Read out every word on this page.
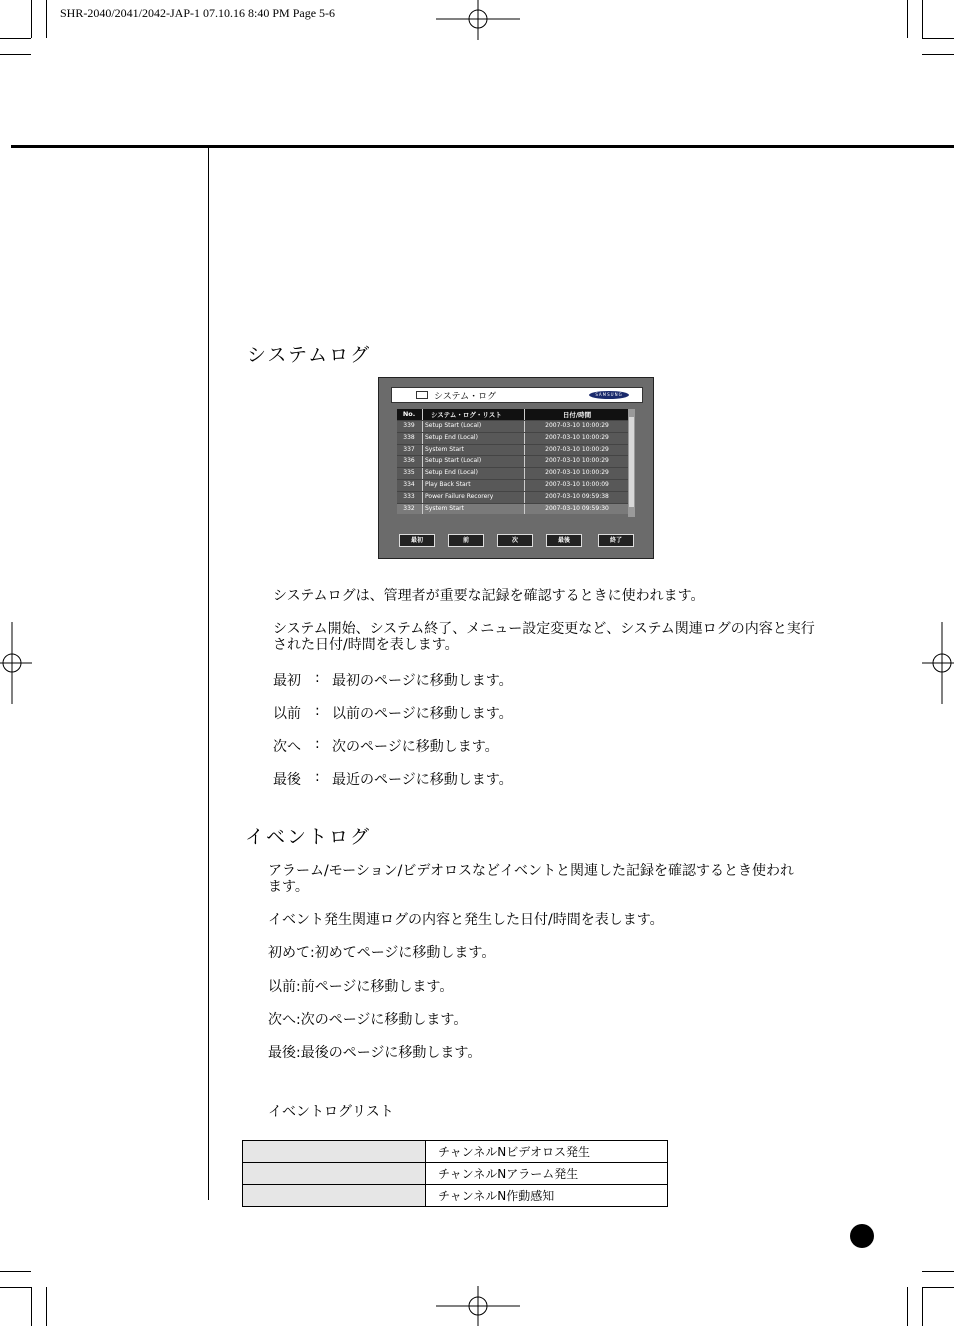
SHR-2040/2041/2042-JAP-1 07.10.16 8:40 PM Page 5-6
システムログ
システム・ログ	SAMSUNG
No.	システム・ログ・リスト	日付/時間
339	Setup Start (Local)	2007-03-10 10:00:29
338	Setup End (Local)	2007-03-10 10:00:29
337	System Start	2007-03-10 10:00:29
336	Setup Start (Local)	2007-03-10 10:00:29
335	Setup End (Local)	2007-03-10 10:00:29
334	Play Back Start	2007-03-10 10:00:09
333	Power Failure Recorery	2007-03-10 09:59:38
332	System Start	2007-03-10 09:59:30
最初	前	次	最後	終了
システムログは、管理者が重要な記録を確認するときに使われます。
システム開始、システム終了、メニュー設定変更など、システム関連ログの内容と実行
された日付/時間を表します。
最初 : 最初のページに移動します。
以前 : 以前のページに移動します。
次へ : 次のページに移動します。
最後 : 最近のページに移動します。
イベントログ
アラーム/モーション/ビデオロスなどイベントと関連した記録を確認するとき使われ
ます。
イベント発生関連ログの内容と発生した日付/時間を表します。
初めて:初めてページに移動します。
以前:前ページに移動します。
次へ:次のページに移動します。
最後:最後のページに移動します。
イベントログリスト
	チャンネルNビデオロス発生
	チャンネルNアラーム発生
	チャンネルN作動感知
